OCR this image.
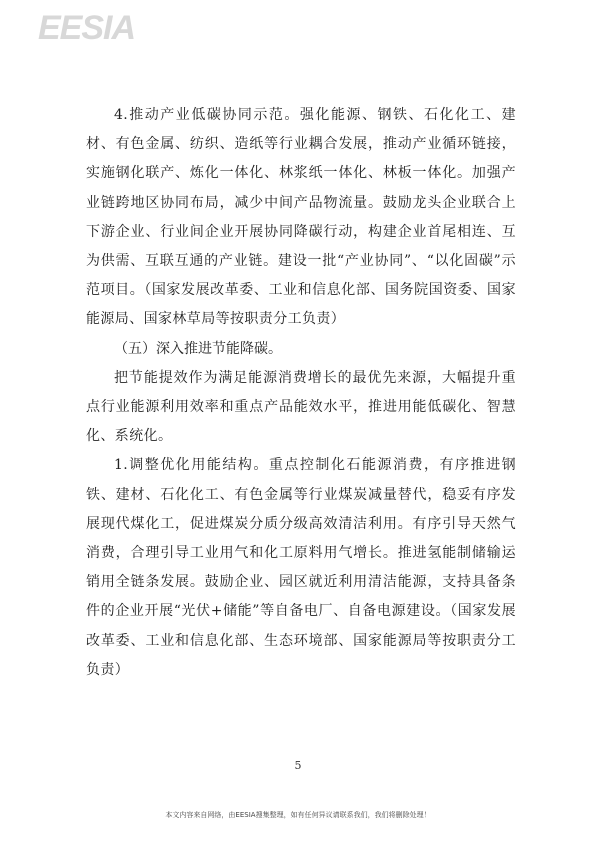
EESIA

4.推动产业低碳协同示范。强化能源、钢铁、石化化工、建材、有色金属、纺织、造纸等行业耦合发展，推动产业循环链接，实施钢化联产、炼化一体化、林浆纸一体化、林板一体化。加强产业链跨地区协同布局，减少中间产品物流量。鼓励龙头企业联合上下游企业、行业间企业开展协同降碳行动，构建企业首尾相连、互为供需、互联互通的产业链。建设一批“产业协同”、“以化固碳”示范项目。（国家发展改革委、工业和信息化部、国务院国资委、国家能源局、国家林草局等按职责分工负责）

（五）深入推进节能降碳。

把节能提效作为满足能源消费增长的最优先来源，大幅提升重点行业能源利用效率和重点产品能效水平，推进用能低碳化、智慧化、系统化。

1.调整优化用能结构。重点控制化石能源消费，有序推进钢铁、建材、石化化工、有色金属等行业煤炭减量替代，稳妥有序发展现代煤化工，促进煤炭分质分级高效清洁利用。有序引导天然气消费，合理引导工业用气和化工原料用气增长。推进氢能制储输运销用全链条发展。鼓励企业、园区就近利用清洁能源，支持具备条件的企业开展“光伏+储能”等自备电厂、自备电源建设。（国家发展改革委、工业和信息化部、生态环境部、国家能源局等按职责分工负责）

5
本文内容来自网络，由EESIA搜集整理，如有任何异议请联系我们，我们将删除处理！
